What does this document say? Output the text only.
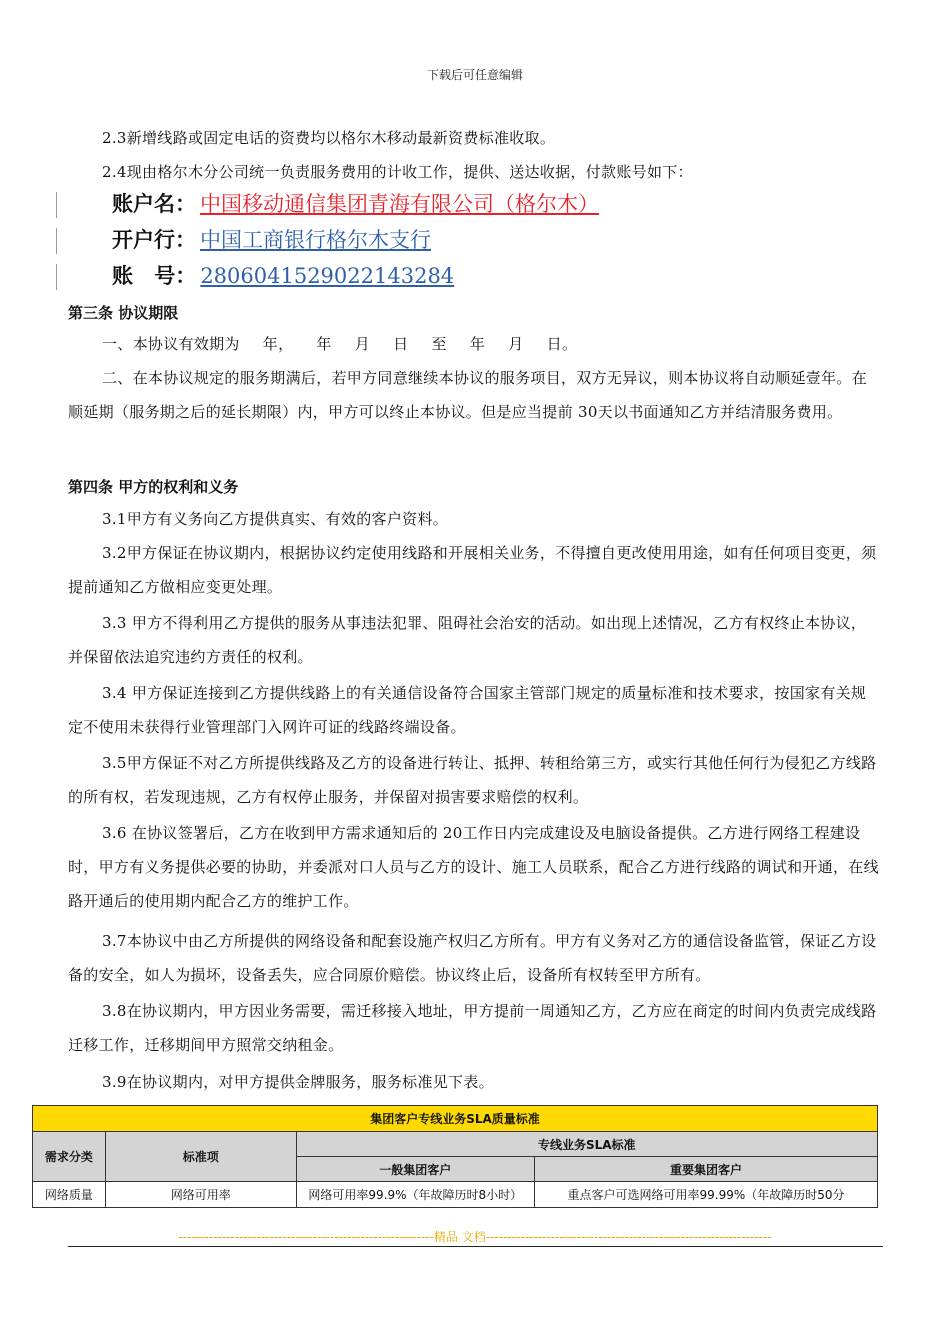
下载后可任意编辑
2.3新增线路或固定电话的资费均以格尔木移动最新资费标准收取。
2.4现由格尔木分公司统一负责服务费用的计收工作，提供、送达收据，付款账号如下：
账户名： 中国移动通信集团青海有限公司（格尔木）
开户行： 中国工商银行格尔木支行
账 号： 2806041529022143284
第三条 协议期限
一、本协议有效期为 年， 年 月 日 至 年 月 日。
二、在本协议规定的服务期满后，若甲方同意继续本协议的服务项目，双方无异议，则本协议将自动顺延壹年。在顺延期（服务期之后的延长期限）内，甲方可以终止本协议。但是应当提前 30天以书面通知乙方并结清服务费用。
第四条 甲方的权利和义务
3.1甲方有义务向乙方提供真实、有效的客户资料。
3.2甲方保证在协议期内，根据协议约定使用线路和开展相关业务，不得擅自更改使用用途，如有任何项目变更，须提前通知乙方做相应变更处理。
3.3 甲方不得利用乙方提供的服务从事违法犯罪、阻碍社会治安的活动。如出现上述情况，乙方有权终止本协议，并保留依法追究违约方责任的权利。
3.4 甲方保证连接到乙方提供线路上的有关通信设备符合国家主管部门规定的质量标准和技术要求，按国家有关规定不使用未获得行业管理部门入网许可证的线路终端设备。
3.5甲方保证不对乙方所提供线路及乙方的设备进行转让、抵押、转租给第三方，或实行其他任何行为侵犯乙方线路的所有权，若发现违规，乙方有权停止服务，并保留对损害要求赔偿的权利。
3.6 在协议签署后，乙方在收到甲方需求通知后的 20工作日内完成建设及电脑设备提供。乙方进行网络工程建设时，甲方有义务提供必要的协助，并委派对口人员与乙方的设计、施工人员联系，配合乙方进行线路的调试和开通，在线路开通后的使用期内配合乙方的维护工作。
3.7本协议中由乙方所提供的网络设备和配套设施产权归乙方所有。甲方有义务对乙方的通信设备监管，保证乙方设备的安全，如人为损坏，设备丢失，应合同原价赔偿。协议终止后，设备所有权转至甲方所有。
3.8在协议期内，甲方因业务需要，需迁移接入地址，甲方提前一周通知乙方，乙方应在商定的时间内负责完成线路迁移工作，迁移期间甲方照常交纳租金。
3.9在协议期内，对甲方提供金牌服务，服务标准见下表。
集团客户专线业务SLA质量标准			
需求分类	标准项	专线业务SLA标准	
		一般集团客户	重要集团客户
网络质量	网络可用率	网络可用率99.9%（年故障历时8小时）	重点客户可选网络可用率99.99%（年故障历时50分
-----------------------------------------------------------精品 文档------------------------------------------------------------------
